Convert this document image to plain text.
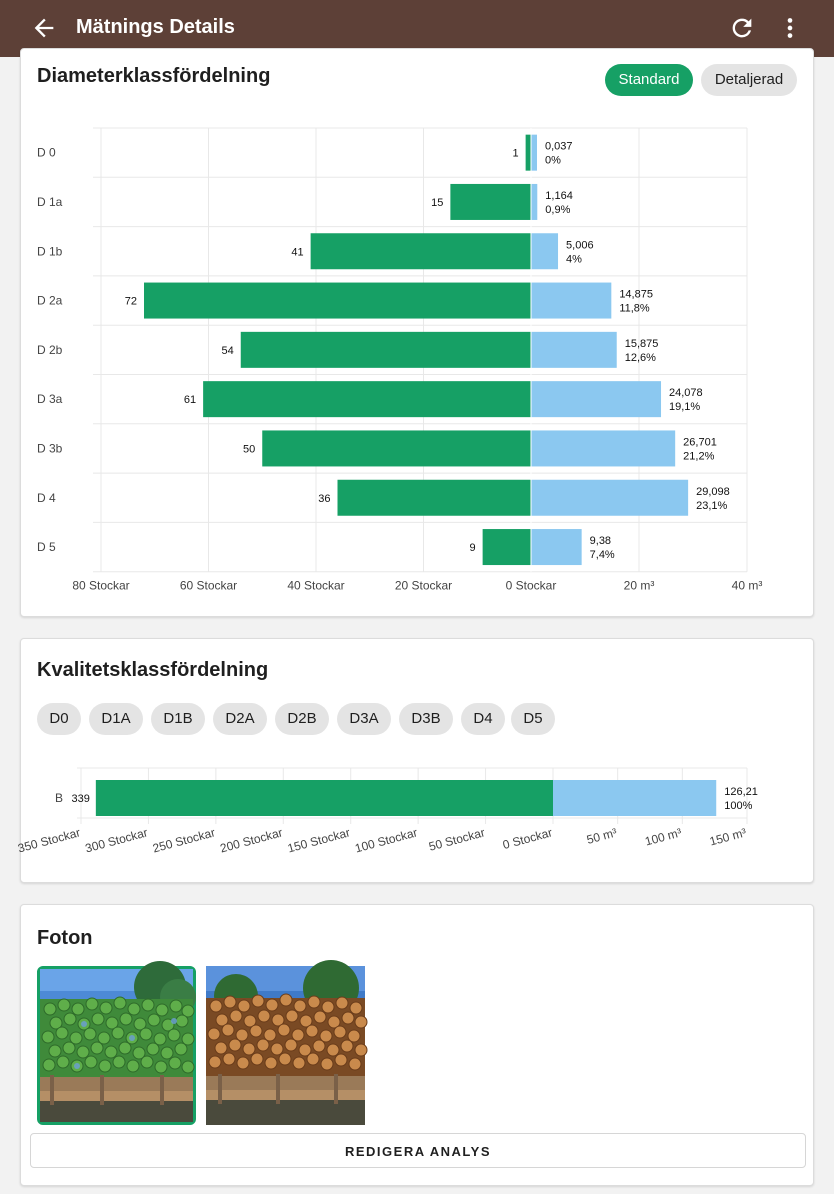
Mätnings Details
Diameterklassfördelning	Standard	Detaljerad
80 Stockar	60 Stockar	40 Stockar	20 Stockar	0 Stockar	20 m³	40 m³
D 0	1
0,037
0%
D 1a	15
1,164
0,9%
D 1b	41
5,006
4%
D 2a	72
14,875
11,8%
D 2b	54
15,875
12,6%
D 3a	61
24,078
19,1%
D 3b	50
26,701
21,2%
D 4	36
29,098
23,1%
D 5	9
9,38
7,4%
Kvalitetsklassfördelning
D0	D1A	D1B	D2A	D2B	D3A	D3B	D4	D5
350 Stockar 300 Stockar 250 Stockar 200 Stockar 150 Stockar 100 Stockar 50 Stockar 0 Stockar	50 m³ 100 m³ 150 m³
B 339
126,21
100%
Foton
REDIGERA ANALYS
